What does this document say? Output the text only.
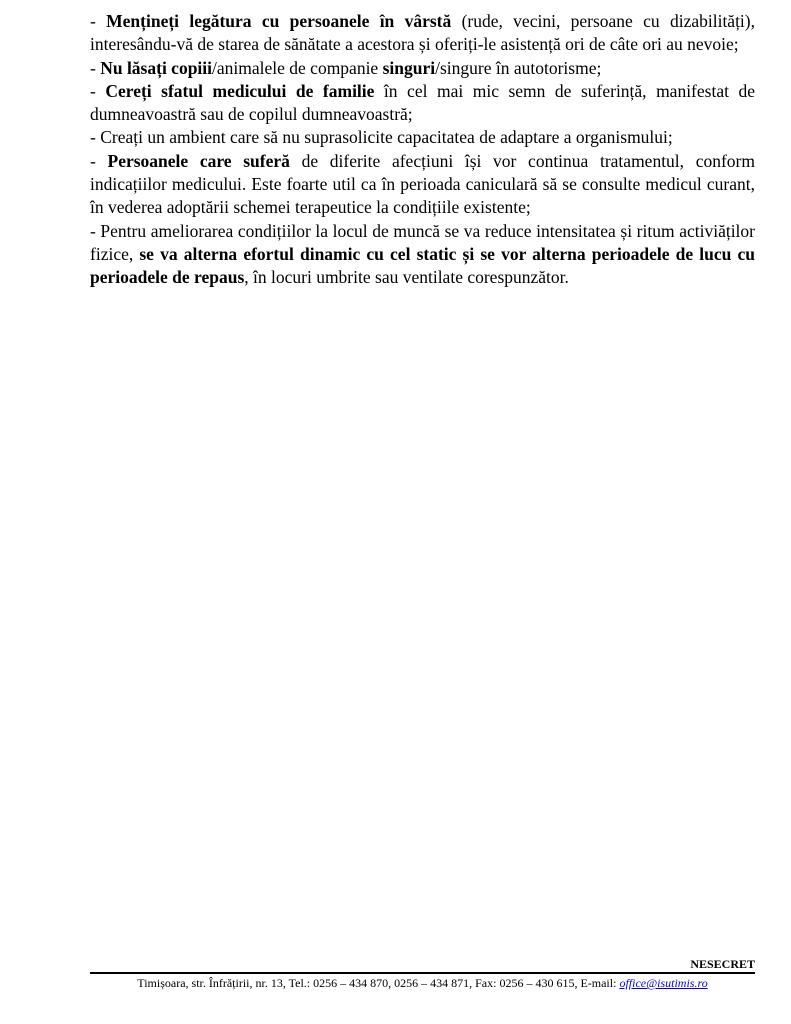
- Mențineți legătura cu persoanele în vârstă (rude, vecini, persoane cu dizabilități), interesându-vă de starea de sănătate a acestora și oferiți-le asistență ori de câte ori au nevoie;

- Nu lăsați copiii/animalele de companie singuri/singure în autotorisme;

- Cereți sfatul medicului de familie în cel mai mic semn de suferință, manifestat de dumneavoastră sau de copilul dumneavoastră;

- Creați un ambient care să nu suprasolicite capacitatea de adaptare a organismului;

- Persoanele care suferă de diferite afecțiuni își vor continua tratamentul, conform indicațiilor medicului. Este foarte util ca în perioada caniculară să se consulte medicul curant, în vederea adoptării schemei terapeutice la condițiile existente;

- Pentru ameliorarea condițiilor la locul de muncă se va reduce intensitatea și ritum activiăților fizice, se va alterna efortul dinamic cu cel static și se vor alterna perioadele de lucu cu perioadele de repaus, în locuri umbrite sau ventilate corespunzător.

NESECRET
Timișoara, str. Înfrățirii, nr. 13, Tel.: 0256 – 434 870, 0256 – 434 871, Fax: 0256 – 430 615, E-mail: office@isutimis.ro
